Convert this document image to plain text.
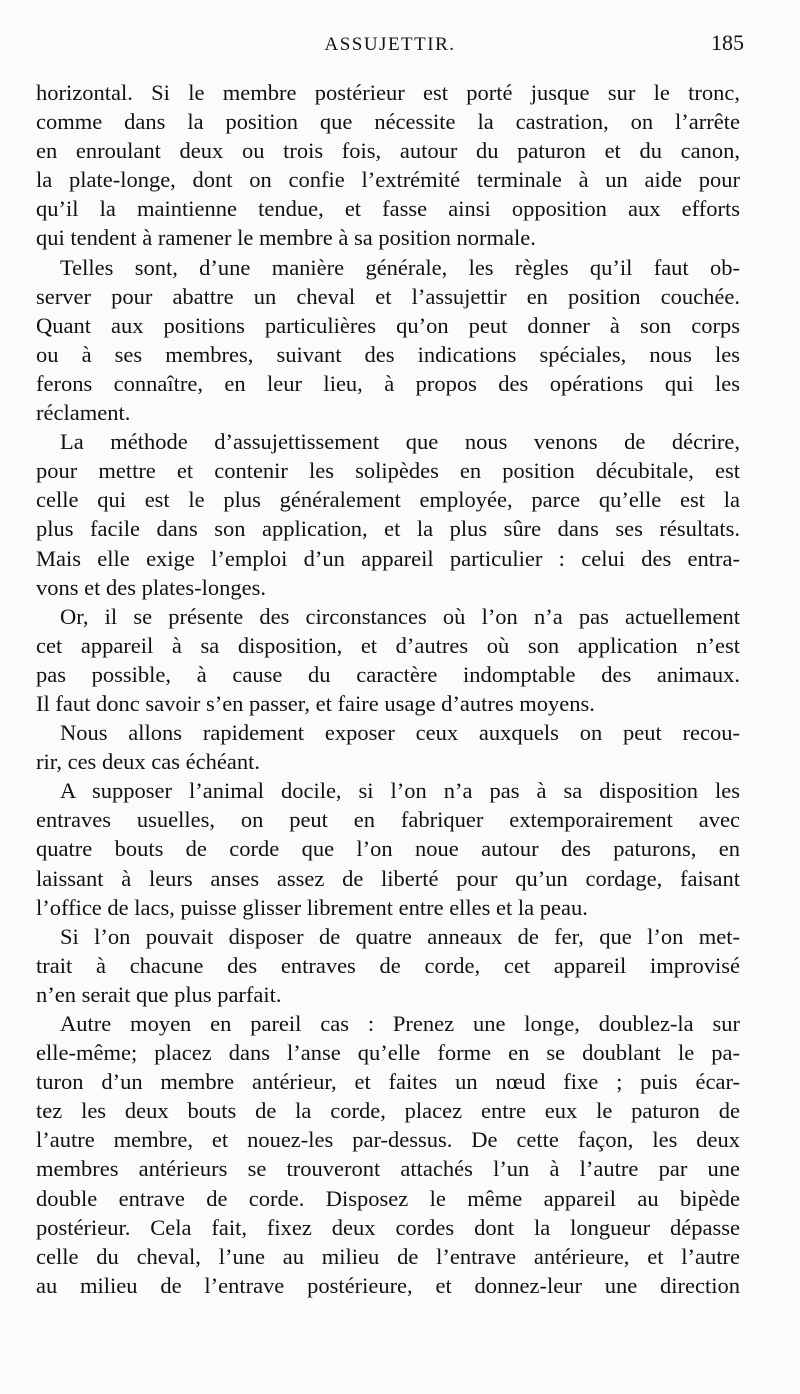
ASSUJETTIR.	185
horizontal. Si le membre postérieur est porté jusque sur le tronc,
comme dans la position que nécessite la castration, on l’arrête
en enroulant deux ou trois fois, autour du paturon et du canon,
la plate-longe, dont on confie l’extrémité terminale à un aide pour
qu’il la maintienne tendue, et fasse ainsi opposition aux efforts
qui tendent à ramener le membre à sa position normale.
Telles sont, d’une manière générale, les règles qu’il faut ob-
server pour abattre un cheval et l’assujettir en position couchée.
Quant aux positions particulières qu’on peut donner à son corps
ou à ses membres, suivant des indications spéciales, nous les
ferons connaître, en leur lieu, à propos des opérations qui les
réclament.
La méthode d’assujettissement que nous venons de décrire,
pour mettre et contenir les solipèdes en position décubitale, est
celle qui est le plus généralement employée, parce qu’elle est la
plus facile dans son application, et la plus sûre dans ses résultats.
Mais elle exige l’emploi d’un appareil particulier : celui des entra-
vons et des plates-longes.
Or, il se présente des circonstances où l’on n’a pas actuellement
cet appareil à sa disposition, et d’autres où son application n’est
pas possible, à cause du caractère indomptable des animaux.
Il faut donc savoir s’en passer, et faire usage d’autres moyens.
Nous allons rapidement exposer ceux auxquels on peut recou-
rir, ces deux cas échéant.
A supposer l’animal docile, si l’on n’a pas à sa disposition les
entraves usuelles, on peut en fabriquer extemporairement avec
quatre bouts de corde que l’on noue autour des paturons, en
laissant à leurs anses assez de liberté pour qu’un cordage, faisant
l’office de lacs, puisse glisser librement entre elles et la peau.
Si l’on pouvait disposer de quatre anneaux de fer, que l’on met-
trait à chacune des entraves de corde, cet appareil improvisé
n’en serait que plus parfait.
Autre moyen en pareil cas : Prenez une longe, doublez-la sur
elle-même; placez dans l’anse qu’elle forme en se doublant le pa-
turon d’un membre antérieur, et faites un nœud fixe ; puis écar-
tez les deux bouts de la corde, placez entre eux le paturon de
l’autre membre, et nouez-les par-dessus. De cette façon, les deux
membres antérieurs se trouveront attachés l’un à l’autre par une
double entrave de corde. Disposez le même appareil au bipède
postérieur. Cela fait, fixez deux cordes dont la longueur dépasse
celle du cheval, l’une au milieu de l’entrave antérieure, et l’autre
au milieu de l’entrave postérieure, et donnez-leur une direction
